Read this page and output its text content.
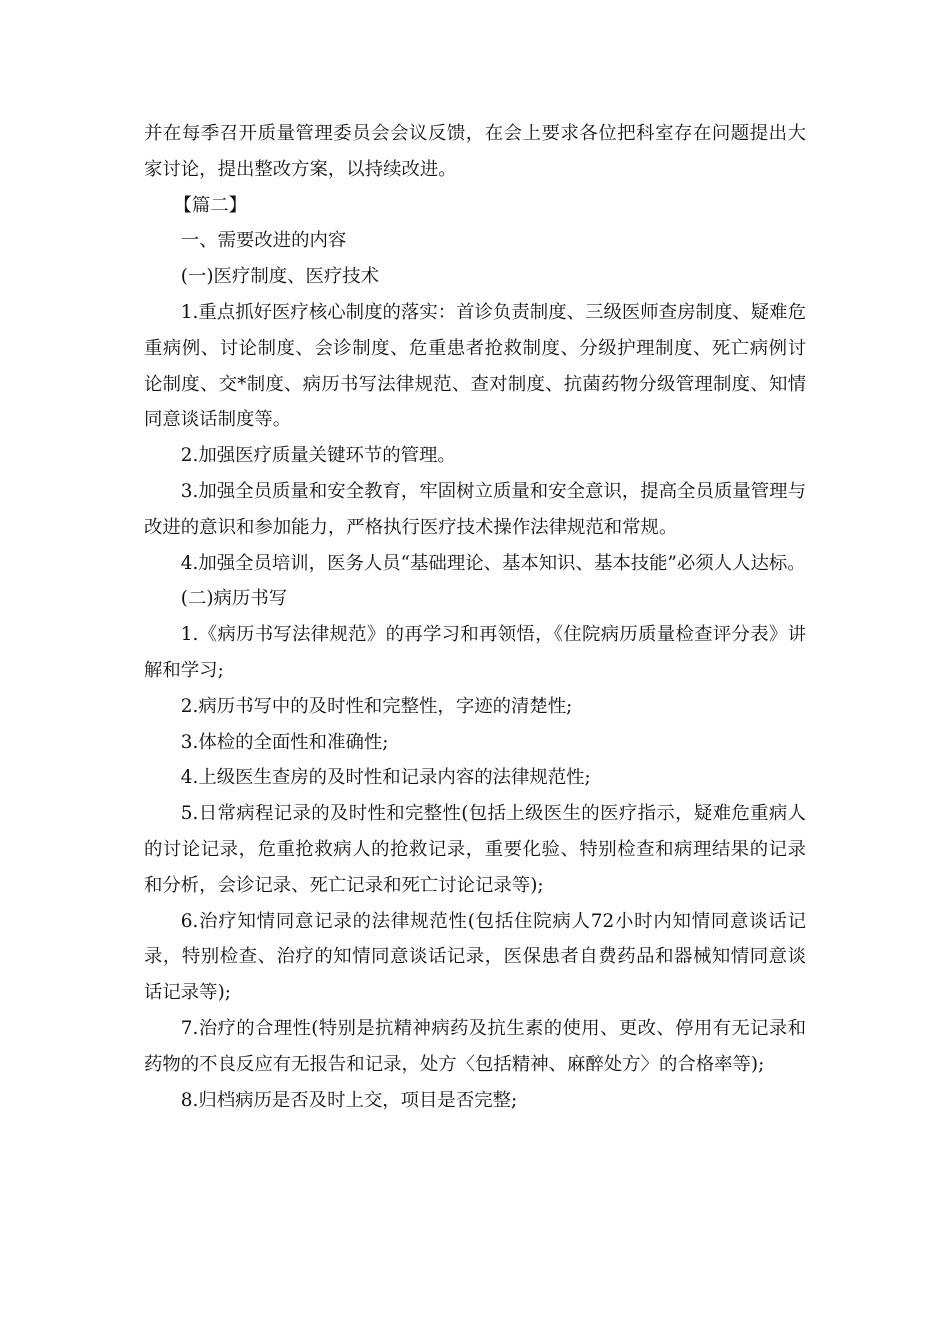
并在每季召开质量管理委员会会议反馈，在会上要求各位把科室存在问题提出大家讨论，提出整改方案，以持续改进。

【篇二】

一、需要改进的内容

(一)医疗制度、医疗技术

1.重点抓好医疗核心制度的落实：首诊负责制度、三级医师查房制度、疑难危重病例、讨论制度、会诊制度、危重患者抢救制度、分级护理制度、死亡病例讨论制度、交*制度、病历书写法律规范、查对制度、抗菌药物分级管理制度、知情同意谈话制度等。

2.加强医疗质量关键环节的管理。

3.加强全员质量和安全教育，牢固树立质量和安全意识，提高全员质量管理与改进的意识和参加能力，严格执行医疗技术操作法律规范和常规。

4.加强全员培训，医务人员“基础理论、基本知识、基本技能”必须人人达标。

(二)病历书写

1.《病历书写法律规范》的再学习和再领悟，《住院病历质量检查评分表》讲解和学习;

2.病历书写中的及时性和完整性，字迹的清楚性;

3.体检的全面性和准确性;

4.上级医生查房的及时性和记录内容的法律规范性;

5.日常病程记录的及时性和完整性(包括上级医生的医疗指示，疑难危重病人的讨论记录，危重抢救病人的抢救记录，重要化验、特别检查和病理结果的记录和分析，会诊记录、死亡记录和死亡讨论记录等);

6.治疗知情同意记录的法律规范性(包括住院病人72小时内知情同意谈话记录，特别检查、治疗的知情同意谈话记录，医保患者自费药品和器械知情同意谈话记录等);

7.治疗的合理性(特别是抗精神病药及抗生素的使用、更改、停用有无记录和药物的不良反应有无报告和记录，处方〈包括精神、麻醉处方〉的合格率等);

8.归档病历是否及时上交，项目是否完整;
